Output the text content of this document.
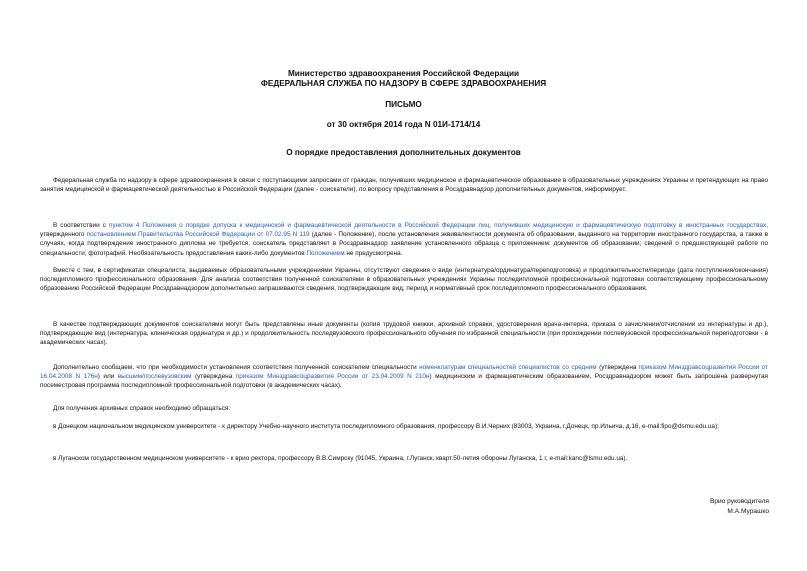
Министерство здравоохранения Российской Федерации
ФЕДЕРАЛЬНАЯ СЛУЖБА ПО НАДЗОРУ В СФЕРЕ ЗДРАВООХРАНЕНИЯ
ПИСЬМО
от 30 октября 2014 года N 01И-1714/14
О порядке предоставления дополнительных документов
Федеральная служба по надзору в сфере здравоохранения в связи с поступающими запросами от граждан, получивших медицинское и фармацевтическое образование в образовательных учреждениях Украины и претендующих на право занятия медицинской и фармацевтической деятельностью в Российской Федерации (далее - соискатели), по вопросу представления в Росздравнадзор дополнительных документов, информирует.
В соответствии с пунктом 4 Положения о порядке допуска к медицинской и фармацевтической деятельности в Российской Федерации лиц, получивших медицинскую и фармацевтическую подготовку в иностранных государствах, утвержденного постановлением Правительства Российской Федерации от 07.02.95 N 119 (далее - Положение), после установления эквивалентности документа об образовании, выданного на территории иностранного государства, а также в случаях, когда подтверждение иностранного диплома не требуется, соискатель представляет в Росздравнадзор заявление установленного образца с приложением: документов об образовании; сведений о предшествующей работе по специальности; фотографий. Необязательность предоставления каких-либо документов Положением не предусмотрена.
Вместе с тем, в сертификатах специалиста, выдаваемых образовательными учреждениями Украины, отсутствуют сведения о виде (интернатура/ординатура/переподготовка) и продолжительности/периоде (дата поступления/окончания) последипломного профессионального образования. Для анализа соответствия полученной соискателями в образовательных учреждениях Украины последипломной профессиональной подготовки соответствующему профессиональному образованию Российской Федерации Росздравнадзором дополнительно запрашиваются сведения, подтверждающие вид, период и нормативный срок последипломного профессионального образования.
В качестве подтверждающих документов соискателями могут быть представлены иные документы (копия трудовой книжки, архивной справки, удостоверения врача-интерна, приказа о зачислении/отчислении из интернатуры и др.), подтверждающие вид (интернатура, клиническая ординатура и др.) и продолжительность последвузовского профессионального обучения по избранной специальности (при прохождении послевузовской профессиональной переподготовки - в академических часах).
Дополнительно сообщаем, что при необходимости установления соответствия полученной соискателем специальности номенклатурам специальностей специалистов со средним (утверждена приказом Минздравсоцразвития России от 16.04.2008 N 176н) или высшим/послевузовским (утверждена приказом Минздравсоцразвития России от 23.04.2009 N 210н) медицинским и фармацевтическим образованием, Росздравнадзором может быть запрошена развернутая посеместровая программа последипломной профессиональной подготовки (в академических часах).
Для получения архивных справок необходимо обращаться:
в Донецком национальном медицинском университете - к директору Учебно-научного института последипломного образования, профессору В.И.Черних (83003, Украина, г.Донецк, пр.Ильича, д.16, e-mail:fipo@dsmu.edu.ua);
в Луганском государственном медицинском университете - к врио ректора, профессору В.В.Симрску (91045, Украина, г.Луганск, кварт.50-летия обороны Луганска, 1 г, e-mail:kanc@lsmu.edu.ua).
Врио руководителя
М.А.Мурашко
